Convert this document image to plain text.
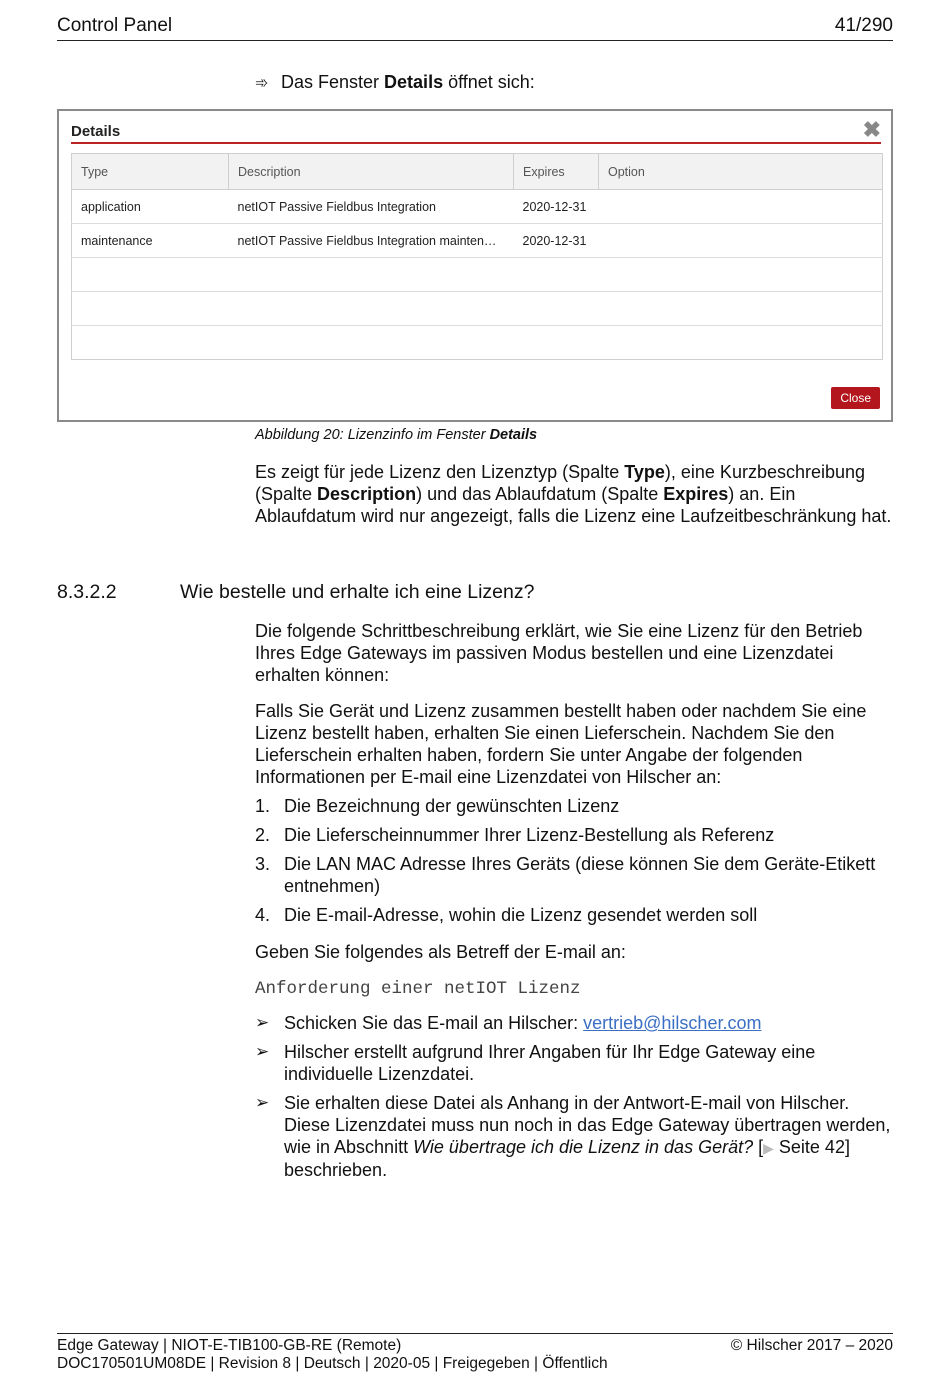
Control Panel	41/290
➾ Das Fenster Details öffnet sich:
Details	✖
Type	Description	Expires	Option
application	netIOT Passive Fieldbus Integration	2020-12-31	
maintenance	netIOT Passive Fieldbus Integration mainten…	2020-12-31	

Close
Abbildung 20: Lizenzinfo im Fenster Details
Es zeigt für jede Lizenz den Lizenztyp (Spalte Type), eine Kurzbeschreibung (Spalte Description) und das Ablaufdatum (Spalte Expires) an. Ein Ablaufdatum wird nur angezeigt, falls die Lizenz eine Laufzeitbeschränkung hat.
8.3.2.2	Wie bestelle und erhalte ich eine Lizenz?
Die folgende Schrittbeschreibung erklärt, wie Sie eine Lizenz für den Betrieb Ihres Edge Gateways im passiven Modus bestellen und eine Lizenzdatei erhalten können:
Falls Sie Gerät und Lizenz zusammen bestellt haben oder nachdem Sie eine Lizenz bestellt haben, erhalten Sie einen Lieferschein. Nachdem Sie den Lieferschein erhalten haben, fordern Sie unter Angabe der folgenden Informationen per E-mail eine Lizenzdatei von Hilscher an:
1. Die Bezeichnung der gewünschten Lizenz
2. Die Lieferscheinnummer Ihrer Lizenz-Bestellung als Referenz
3. Die LAN MAC Adresse Ihres Geräts (diese können Sie dem Geräte-Etikett entnehmen)
4. Die E-mail-Adresse, wohin die Lizenz gesendet werden soll
Geben Sie folgendes als Betreff der E-mail an:
Anforderung einer netIOT Lizenz
➢ Schicken Sie das E-mail an Hilscher: vertrieb@hilscher.com
➢ Hilscher erstellt aufgrund Ihrer Angaben für Ihr Edge Gateway eine individuelle Lizenzdatei.
➢ Sie erhalten diese Datei als Anhang in der Antwort-E-mail von Hilscher. Diese Lizenzdatei muss nun noch in das Edge Gateway übertragen werden, wie in Abschnitt Wie übertrage ich die Lizenz in das Gerät? [▶ Seite 42] beschrieben.
Edge Gateway | NIOT-E-TIB100-GB-RE (Remote)
DOC170501UM08DE | Revision 8 | Deutsch | 2020-05 | Freigegeben | Öffentlich
© Hilscher 2017 – 2020
